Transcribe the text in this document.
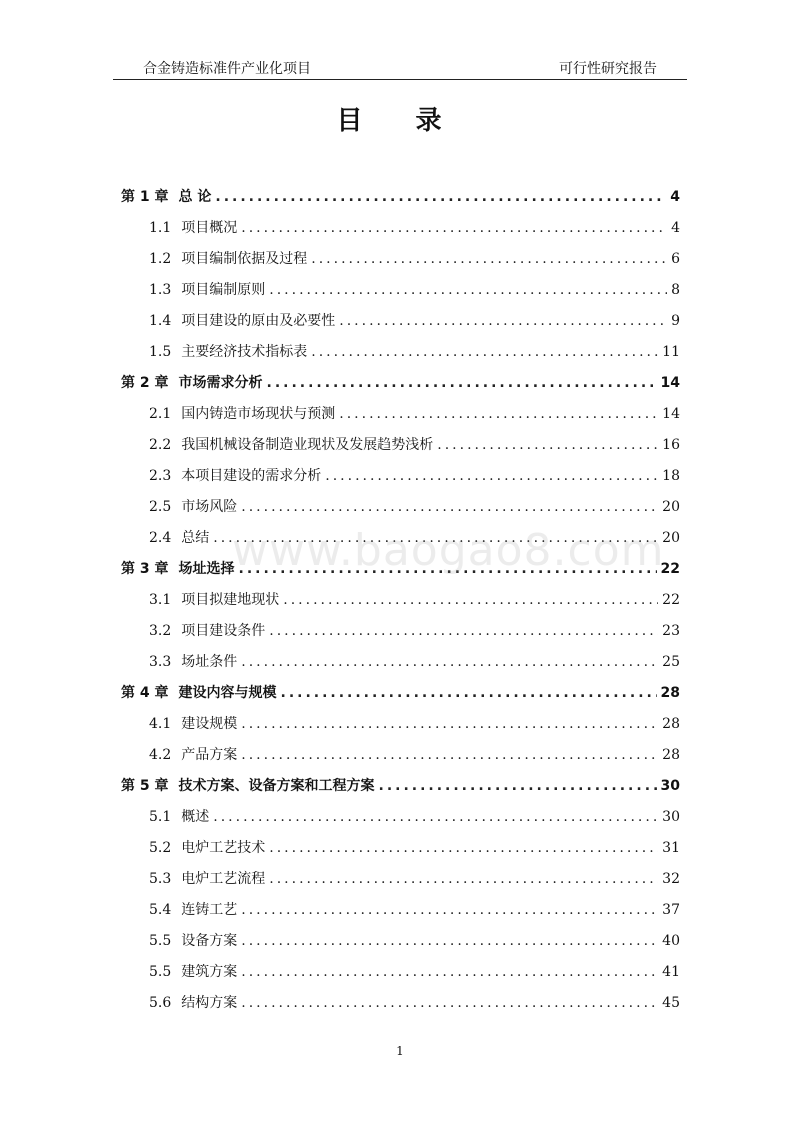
合金铸造标准件产业化项目	可行性研究报告
目 录
第 1 章 总 论 .....	4
1.1 项目概况 .....	4
1.2 项目编制依据及过程 .....	6
1.3 项目编制原则 .....	8
1.4 项目建设的原由及必要性 .....	9
1.5 主要经济技术指标表 .....	11
第 2 章 市场需求分析 .....	14
2.1 国内铸造市场现状与预测 .....	14
2.2 我国机械设备制造业现状及发展趋势浅析 .....	16
2.3 本项目建设的需求分析 .....	18
2.5 市场风险 .....	20
2.4 总结 .....	20
第 3 章 场址选择 .....	22
3.1 项目拟建地现状 .....	22
3.2 项目建设条件 .....	23
3.3 场址条件 .....	25
第 4 章 建设内容与规模 .....	28
4.1 建设规模 .....	28
4.2 产品方案 .....	28
第 5 章 技术方案、设备方案和工程方案 .....	30
5.1 概述 .....	30
5.2 电炉工艺技术 .....	31
5.3 电炉工艺流程 .....	32
5.4 连铸工艺 .....	37
5.5 设备方案 .....	40
5.5 建筑方案 .....	41
5.6 结构方案 .....	45
www.baogao8.com
1
